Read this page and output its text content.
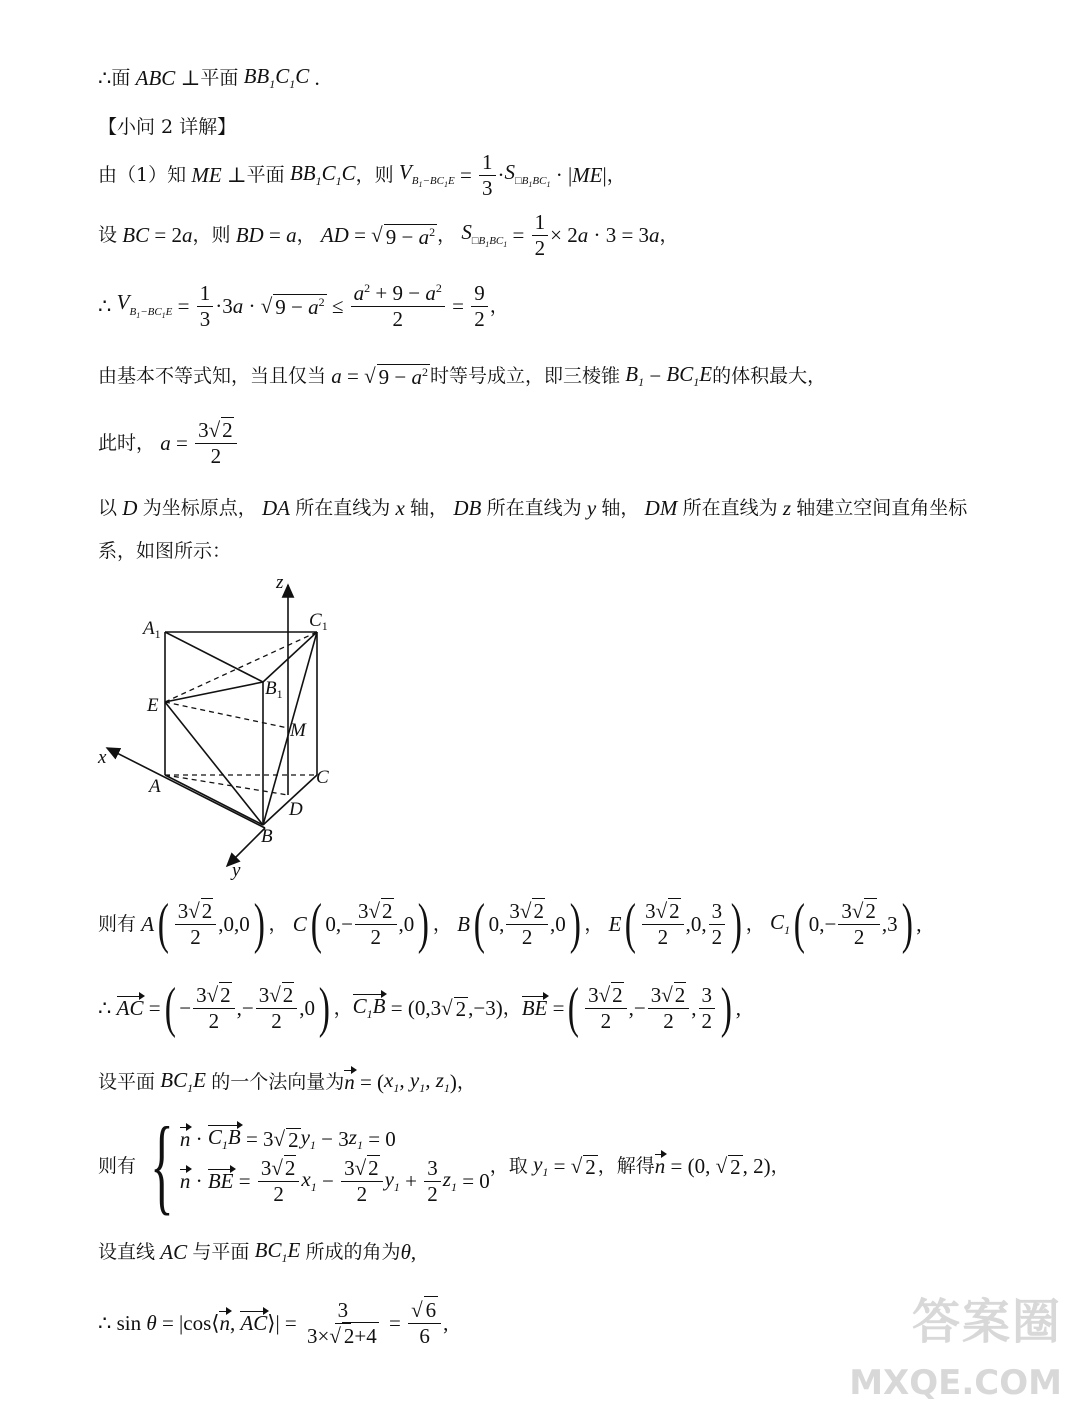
∴ 面 ABC ⊥ 平面 $BB_1C_1C$ .
【小问 2 详解】
由（1）知 ME ⊥ 平面 $BB_1C_1C$ ， 则 $V_{B_1-BC_1E} = \frac{1}{3} \cdot S_{□B_1BC_1}$ · | ME | ，
设 BC = 2 a ， 则 BD = a ， AD = √ $9 - a^2$ ， $S_{□B_1BC_1} = \frac{1}{2} \times 2$ a · 3 = 3 a ，
∴ $V_{B_1-BC_1E} = \frac{1}{3} \cdot 3$ a · √ $9 - a^2 \le \frac{a^2 + 9 - a^2}{2} = \frac{9}{2}$ ，
由基本不等式知，当且仅当 a = √ $9 - a^2$ 时等号成立，即三棱锥 $B_1 - BC_1E$ 的体积最大，
此时， $a = \frac{3√2}{2}$
以 D 为坐标原点， DA 所在直线为 x 轴， DB 所在直线为 y 轴， DM 所在直线为 z 轴建立空间直角坐标
系，如图所示：
z
x
y
$A_1$
$C_1$
$B_1$
E
M
A	C
D
B
则有 A ( $\frac{3√2}{2} ,0,0$ ) ， C ( $0,- \frac{3√2}{2} ,0$ ) ， B ( 0, $\frac{3√2}{2} ,0$ ) ， E ( $\frac{3√2}{2} ,0$, $\frac{3}{2}$ ) ， $C_1$ ( $0,- \frac{3√2}{2} ,3$ ) ,
∴ AC = ( − $\frac{3√2}{2}$ ,− $\frac{3√2}{2} ,0$ ) ， $C_1B = (0,3√$ 2 ,−3) ， BE = ( $\frac{3√2}{2}$ ,− $\frac{3√2}{2}$ , $\frac{3}{2}$ ) ,
设平面 $BC_1E$ 的一个法向量为 n = ( $x_1$, $y_1$, $z_1$ ) ，
则有 { $n \cdot C_1B = 3√$ 2 $y_1 - 3$ $z_1 = 0$
n · BE = $\frac{3√2}{2} x_1 - \frac{3√2}{2} y_1 + \frac{3}{2} z_1 = 0$
，取 $y_1$ = √ 2 ，解得 n = (0, √ 2 , 2) ，
设直线 AC 与平面 $BC_1E$ 所成的角为 θ ,
∴ sin θ = |cos⟨ n , AC ⟩| = $\frac{3}{3\times√ 2+4} = \frac{√ 6}{6}$ ,	答案圈
MXQE.COM
